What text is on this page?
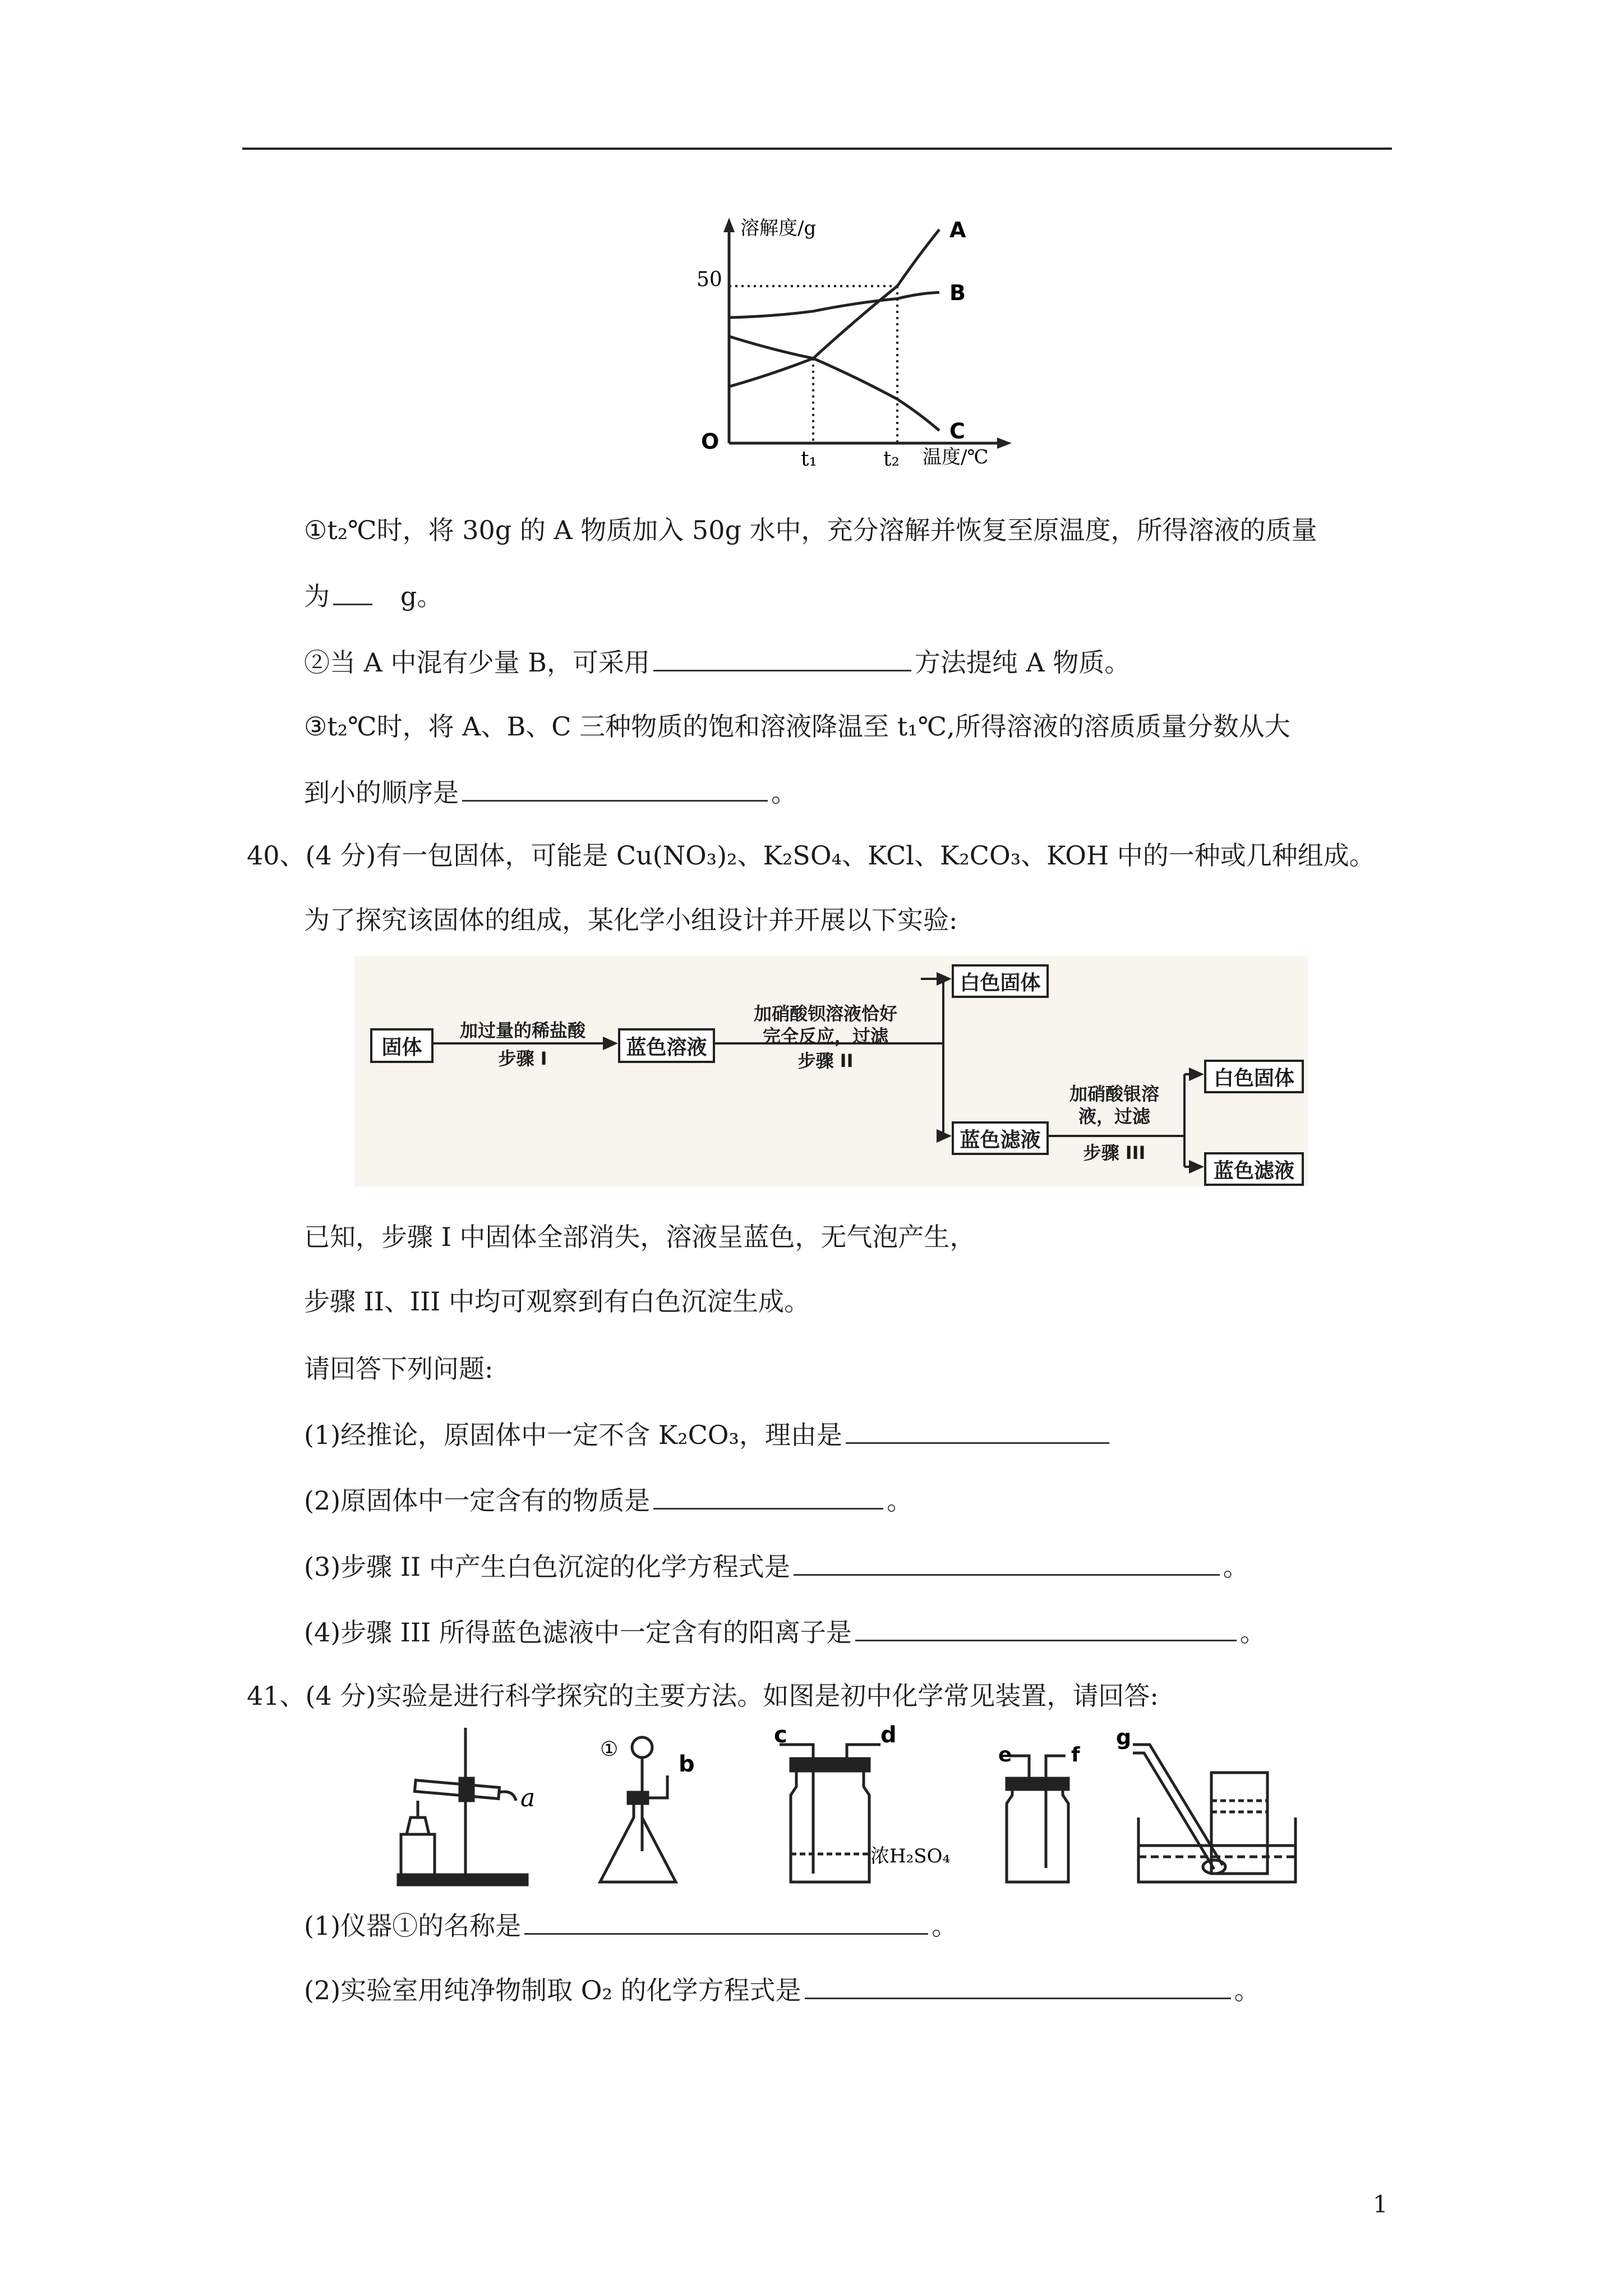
A
B
C
溶解度/g
温度/℃
O
50
t₁	t₂
①t₂℃时，将 30g 的 A 物质加入 50g 水中，充分溶解并恢复至原温度，所得溶液的质量
为	g。
②当 A 中混有少量 B，可采用	方法提纯 A 物质。
③t₂℃时，将 A、B、C 三种物质的饱和溶液降温至 t₁℃,所得溶液的溶质质量分数从大
到小的顺序是	。
40、(4 分)有一包固体，可能是 Cu(NO₃)₂、K₂SO₄、KCl、K₂CO₃、KOH 中的一种或几种组成。
为了探究该固体的组成，某化学小组设计并开展以下实验:
固体
加过量的稀盐酸
步骤 I	蓝色溶液
加硝酸钡溶液恰好
完全反应，过滤
步骤 II
白色固体
蓝色滤液
加硝酸银溶
液，过滤
步骤 III
白色固体
蓝色滤液
已知，步骤 I 中固体全部消失，溶液呈蓝色，无气泡产生，
步骤 II、III 中均可观察到有白色沉淀生成。
请回答下列问题:
(1)经推论，原固体中一定不含 K₂CO₃，理由是
(2)原固体中一定含有的物质是	。
(3)步骤 II 中产生白色沉淀的化学方程式是	。
(4)步骤 III 所得蓝色滤液中一定含有的阳离子是	。
41、(4 分)实验是进行科学探究的主要方法。如图是初中化学常见装置，请回答:
a
①
b
c	d
浓H₂SO₄
e	f
g
(1)仪器①的名称是	。
(2)实验室用纯净物制取 O₂ 的化学方程式是	。
1
